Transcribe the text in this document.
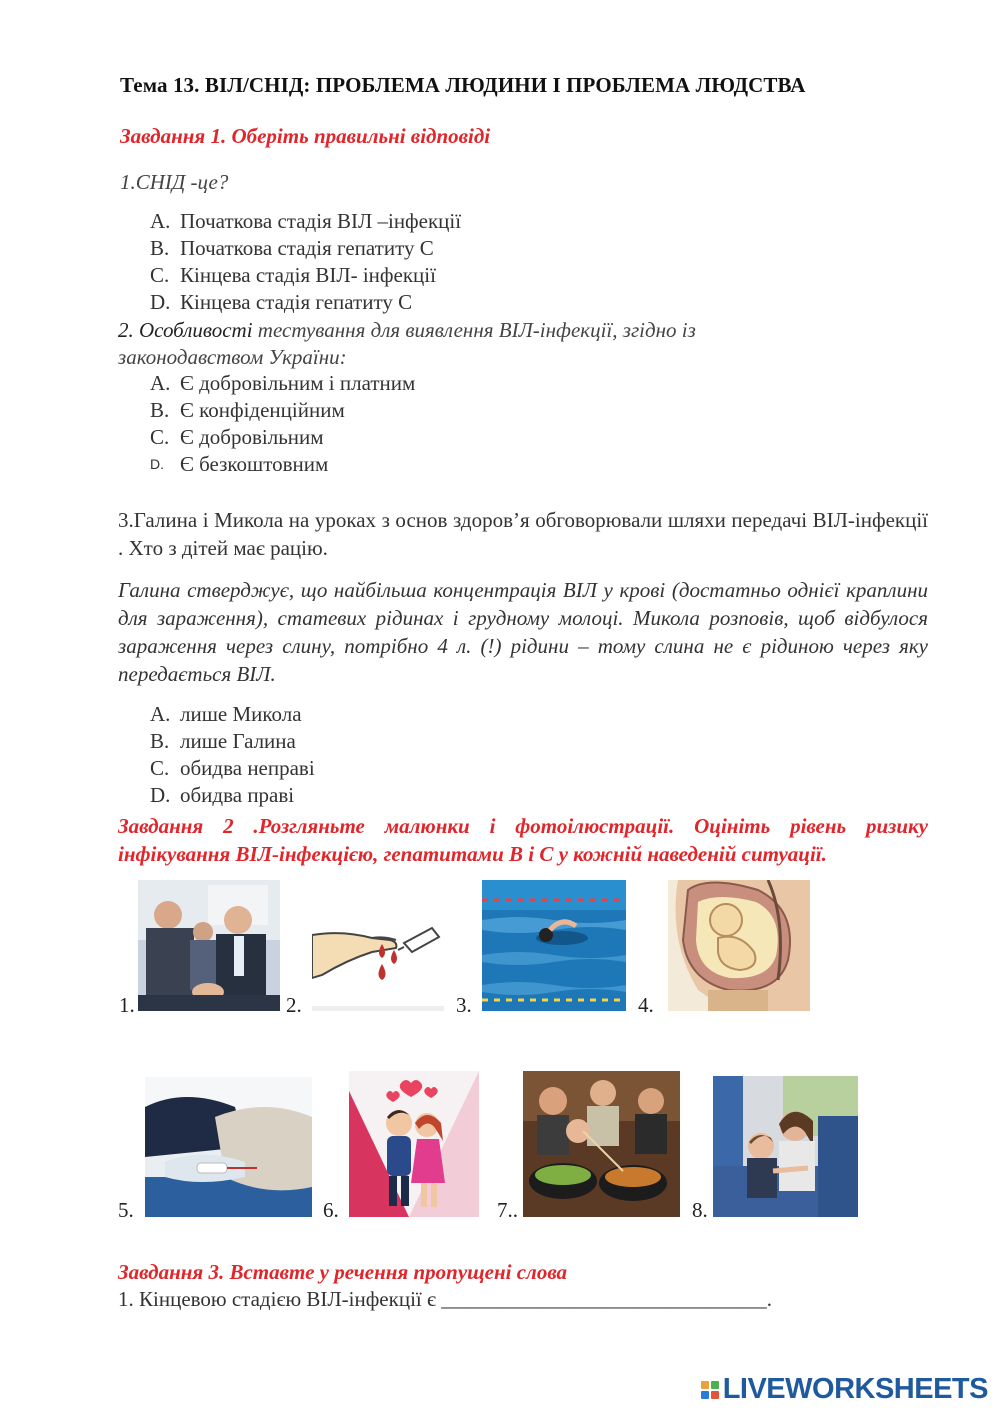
Тема 13. ВІЛ/СНІД: ПРОБЛЕМА ЛЮДИНИ І ПРОБЛЕМА ЛЮДСТВА
Завдання 1. Оберіть правильні відповіді
1.СНІД -це?
A. Початкова стадія ВІЛ –інфекції
B. Початкова стадія гепатиту С
C. Кінцева стадія ВІЛ- інфекції
D. Кінцева стадія гепатиту С
2. Особливості тестування для виявлення ВІЛ-інфекції, згідно із
законодавством України:
A. Є добровільним і платним
B. Є конфіденційним
C. Є добровільним
D. Є безкоштовним
3.Галина і Микола на уроках з основ здоров’я обговорювали шляхи передачі ВІЛ-інфекції . Хто з дітей має рацію.
Галина стверджує, що найбільша концентрація ВІЛ у крові (достатньо однієї краплини для зараження), статевих рідинах і грудному молоці. Микола розповів, щоб відбулося зараження через слину, потрібно 4 л. (!) рідини – тому слина не є рідиною через яку передається ВІЛ.
A. лише Микола
B. лише Галина
C. обидва неправі
D. обидва праві
Завдання 2 .Розгляньте малюнки і фотоілюстрації. Оцініть рівень ризику інфікування ВІЛ-інфекцією, гепатитами В і С у кожній наведеній ситуації.
1.	2.	3.	4.
5.	6.	7..	8.
Завдання 3. Вставте у речення пропущені слова
1. Кінцевою стадією ВІЛ-інфекції є _______________________________.
LIVEWORKSHEETS
